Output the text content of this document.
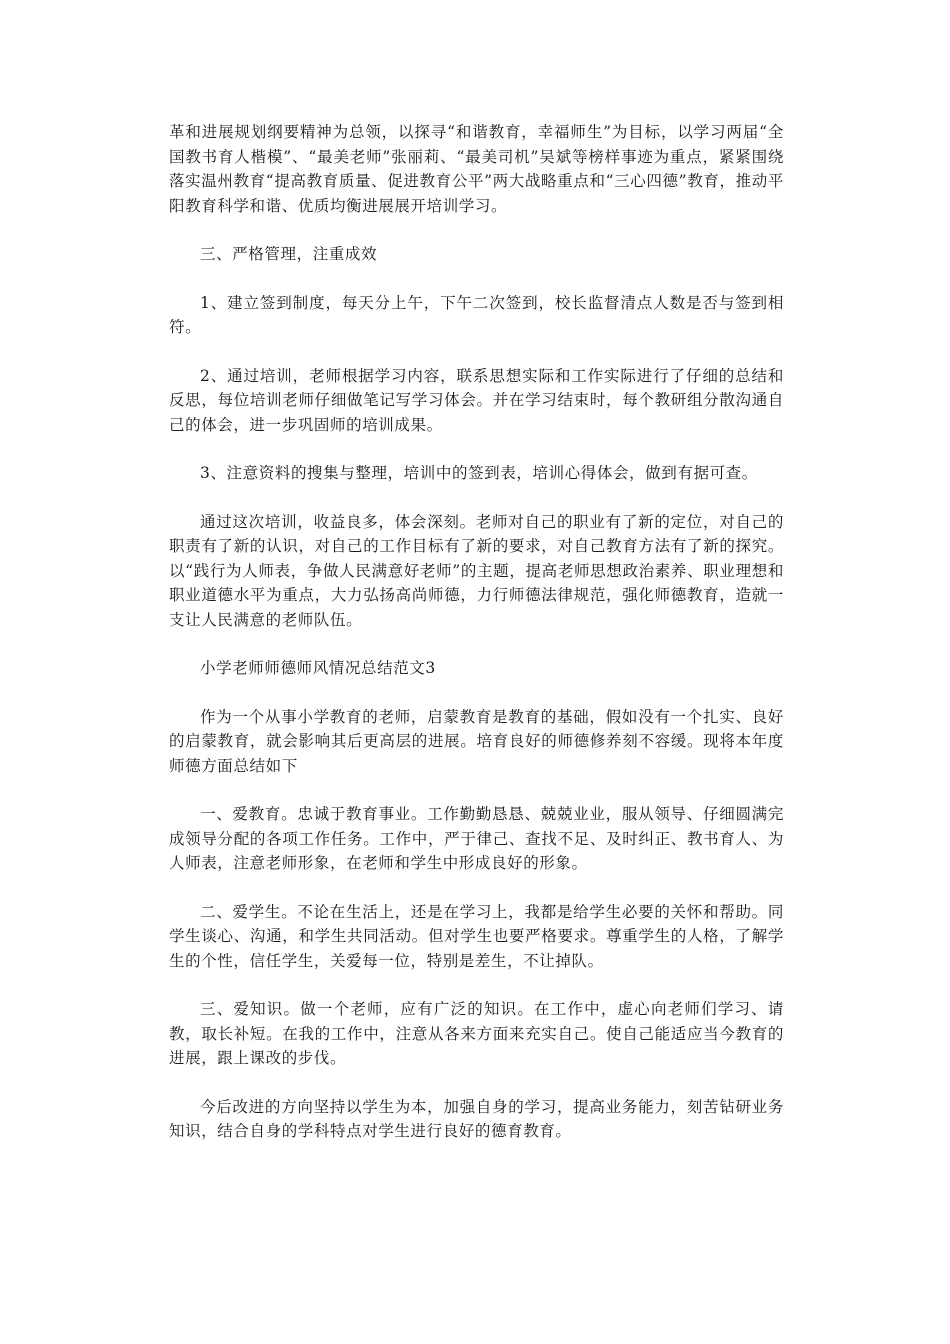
革和进展规划纲要精神为总领，以探寻“和谐教育，幸福师生”为目标，以学习两届“全国教书育人楷模”、“最美老师”张丽莉、“最美司机”吴斌等榜样事迹为重点，紧紧围绕落实温州教育“提高教育质量、促进教育公平”两大战略重点和“三心四德”教育，推动平阳教育科学和谐、优质均衡进展展开培训学习。

三、严格管理，注重成效

1、建立签到制度，每天分上午，下午二次签到，校长监督清点人数是否与签到相符。

2、通过培训，老师根据学习内容，联系思想实际和工作实际进行了仔细的总结和反思，每位培训老师仔细做笔记写学习体会。并在学习结束时，每个教研组分散沟通自己的体会，进一步巩固师的培训成果。

3、注意资料的搜集与整理，培训中的签到表，培训心得体会，做到有据可查。

通过这次培训，收益良多，体会深刻。老师对自己的职业有了新的定位，对自己的职责有了新的认识，对自己的工作目标有了新的要求，对自己教育方法有了新的探究。以“践行为人师表，争做人民满意好老师”的主题，提高老师思想政治素养、职业理想和职业道德水平为重点，大力弘扬高尚师德，力行师德法律规范，强化师德教育，造就一支让人民满意的老师队伍。

小学老师师德师风情况总结范文3

作为一个从事小学教育的老师，启蒙教育是教育的基础，假如没有一个扎实、良好的启蒙教育，就会影响其后更高层的进展。培育良好的师德修养刻不容缓。现将本年度师德方面总结如下

一、爱教育。忠诚于教育事业。工作勤勤恳恳、兢兢业业，服从领导、仔细圆满完成领导分配的各项工作任务。工作中，严于律己、查找不足、及时纠正、教书育人、为人师表，注意老师形象，在老师和学生中形成良好的形象。

二、爱学生。不论在生活上，还是在学习上，我都是给学生必要的关怀和帮助。同学生谈心、沟通，和学生共同活动。但对学生也要严格要求。尊重学生的人格，了解学生的个性，信任学生，关爱每一位，特别是差生，不让掉队。

三、爱知识。做一个老师，应有广泛的知识。在工作中，虚心向老师们学习、请教，取长补短。在我的工作中，注意从各来方面来充实自己。使自己能适应当今教育的进展，跟上课改的步伐。

今后改进的方向坚持以学生为本，加强自身的学习，提高业务能力，刻苦钻研业务知识，结合自身的学科特点对学生进行良好的德育教育。
